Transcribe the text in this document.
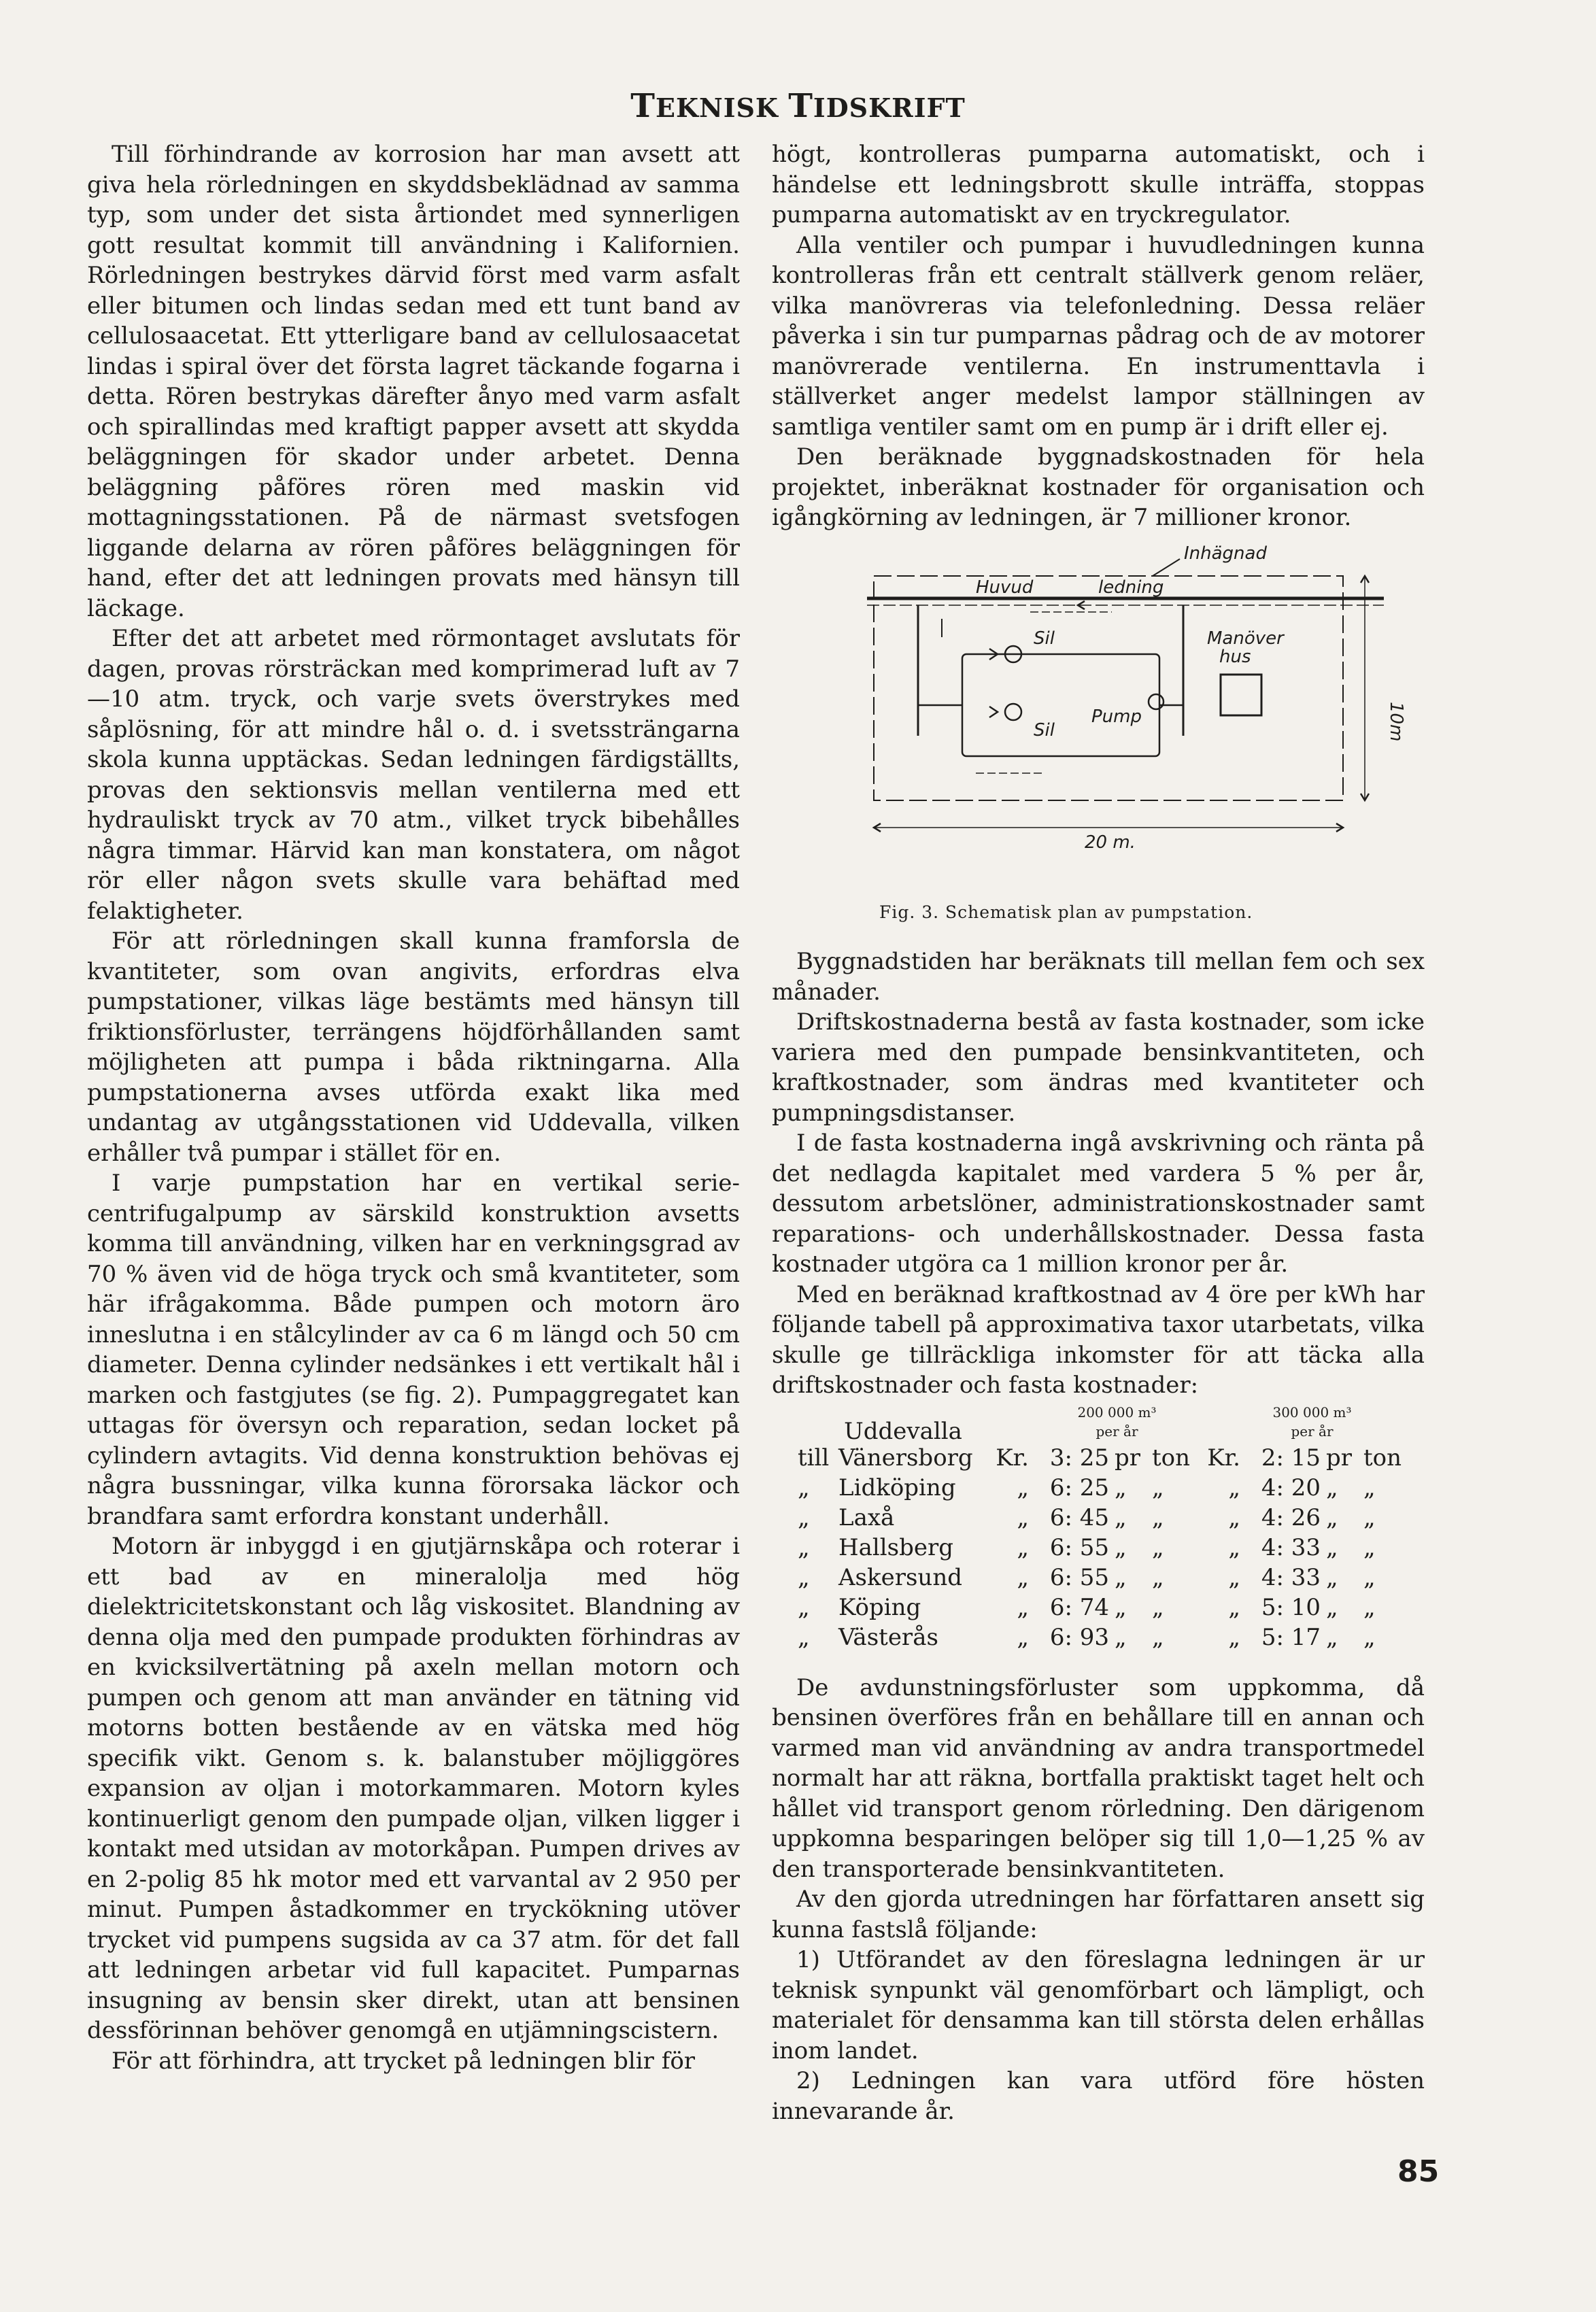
TEKNISK TIDSKRIFT

Till förhindrande av korrosion har man avsett att giva hela rörledningen en skyddsbeklädnad av samma typ, som under det sista årtiondet med synnerligen gott resultat kommit till användning i Kalifornien. Rörledningen bestrykes därvid först med varm asfalt eller bitumen och lindas sedan med ett tunt band av cellulosaacetat. Ett ytterligare band av cellulosaacetat lindas i spiral över det första lagret täckande fogarna i detta. Rören bestrykas därefter ånyo med varm asfalt och spirallindas med kraftigt papper avsett att skydda beläggningen för skador under arbetet. Denna beläggning påföres rören med maskin vid mottagningsstationen. På de närmast svetsfogen liggande delarna av rören påföres beläggningen för hand, efter det att ledningen provats med hänsyn till läckage.

Efter det att arbetet med rörmontaget avslutats för dagen, provas rörsträckan med komprimerad luft av 7—10 atm. tryck, och varje svets överstrykes med såplösning, för att mindre hål o. d. i svetssträngarna skola kunna upptäckas. Sedan ledningen färdigställts, provas den sektionsvis mellan ventilerna med ett hydrauliskt tryck av 70 atm., vilket tryck bibehålles några timmar. Härvid kan man konstatera, om något rör eller någon svets skulle vara behäftad med felaktigheter.

För att rörledningen skall kunna framforsla de kvantiteter, som ovan angivits, erfordras elva pumpstationer, vilkas läge bestämts med hänsyn till friktionsförluster, terrängens höjdförhållanden samt möjligheten att pumpa i båda riktningarna. Alla pumpstationerna avses utförda exakt lika med undantag av utgångsstationen vid Uddevalla, vilken erhåller två pumpar i stället för en.

I varje pumpstation har en vertikal serie-centrifugalpump av särskild konstruktion avsetts komma till användning, vilken har en verkningsgrad av 70 % även vid de höga tryck och små kvantiteter, som här ifrågakomma. Både pumpen och motorn äro inneslutna i en stålcylinder av ca 6 m längd och 50 cm diameter. Denna cylinder nedsänkes i ett vertikalt hål i marken och fastgjutes (se fig. 2). Pumpaggregatet kan uttagas för översyn och reparation, sedan locket på cylindern avtagits. Vid denna konstruktion behövas ej några bussningar, vilka kunna förorsaka läckor och brandfara samt erfordra konstant underhåll.

Motorn är inbyggd i en gjutjärnskåpa och roterar i ett bad av en mineralolja med hög dielektricitetskonstant och låg viskositet. Blandning av denna olja med den pumpade produkten förhindras av en kvicksilvertätning på axeln mellan motorn och pumpen och genom att man använder en tätning vid motorns botten bestående av en vätska med hög specifik vikt. Genom s. k. balanstuber möjliggöres expansion av oljan i motorkammaren. Motorn kyles kontinuerligt genom den pumpade oljan, vilken ligger i kontakt med utsidan av motorkåpan. Pumpen drives av en 2-polig 85 hk motor med ett varvantal av 2 950 per minut. Pumpen åstadkommer en tryckökning utöver trycket vid pumpens sugsida av ca 37 atm. för det fall att ledningen arbetar vid full kapacitet. Pumparnas insugning av bensin sker direkt, utan att bensinen dessförinnan behöver genomgå en utjämningscistern.

För att förhindra, att trycket på ledningen blir för

högt, kontrolleras pumparna automatiskt, och i händelse ett ledningsbrott skulle inträffa, stoppas pumparna automatiskt av en tryckregulator.

Alla ventiler och pumpar i huvudledningen kunna kontrolleras från ett centralt ställverk genom reläer, vilka manövreras via telefonledning. Dessa reläer påverka i sin tur pumparnas pådrag och de av motorer manövrerade ventilerna. En instrumenttavla i ställverket anger medelst lampor ställningen av samtliga ventiler samt om en pump är i drift eller ej.

Den beräknade byggnadskostnaden för hela projektet, inberäknat kostnader för organisation och igångkörning av ledningen, är 7 millioner kronor.

Inhägnad
Huvud	ledning
Manöver
hus
Sil
Sil
Pump	10m
20 m.
Fig. 3. Schematisk plan av pumpstation.

Byggnadstiden har beräknats till mellan fem och sex månader.

Driftskostnaderna bestå av fasta kostnader, som icke variera med den pumpade bensinkvantiteten, och kraftkostnader, som ändras med kvantiteter och pumpningsdistanser.

I de fasta kostnaderna ingå avskrivning och ränta på det nedlagda kapitalet med vardera 5 % per år, dessutom arbetslöner, administrationskostnader samt reparations- och underhållskostnader. Dessa fasta kostnader utgöra ca 1 million kronor per år.

Med en beräknad kraftkostnad av 4 öre per kWh har följande tabell på approximativa taxor utarbetats, vilka skulle ge tillräckliga inkomster för att täcka alla driftskostnader och fasta kostnader:

			200 000 m³			300 000 m³			
Uddevalla			per år			per år			
till	Vänersborg	Kr.	3: 25	pr	ton	Kr.	2: 15	pr	ton
„	Lidköping	„	6: 25	„	„	„	4: 20	„	„
„	Laxå	„	6: 45	„	„	„	4: 26	„	„
„	Hallsberg	„	6: 55	„	„	„	4: 33	„	„
„	Askersund	„	6: 55	„	„	„	4: 33	„	„
„	Köping	„	6: 74	„	„	„	5: 10	„	„
„	Västerås	„	6: 93	„	„	„	5: 17	„	„

De avdunstningsförluster som uppkomma, då bensinen överföres från en behållare till en annan och varmed man vid användning av andra transportmedel normalt har att räkna, bortfalla praktiskt taget helt och hållet vid transport genom rörledning. Den därigenom uppkomna besparingen belöper sig till 1,0—1,25 % av den transporterade bensinkvantiteten.

Av den gjorda utredningen har författaren ansett sig kunna fastslå följande:

1) Utförandet av den föreslagna ledningen är ur teknisk synpunkt väl genomförbart och lämpligt, och materialet för densamma kan till största delen erhållas inom landet.

2) Ledningen kan vara utförd före hösten innevarande år.

85
